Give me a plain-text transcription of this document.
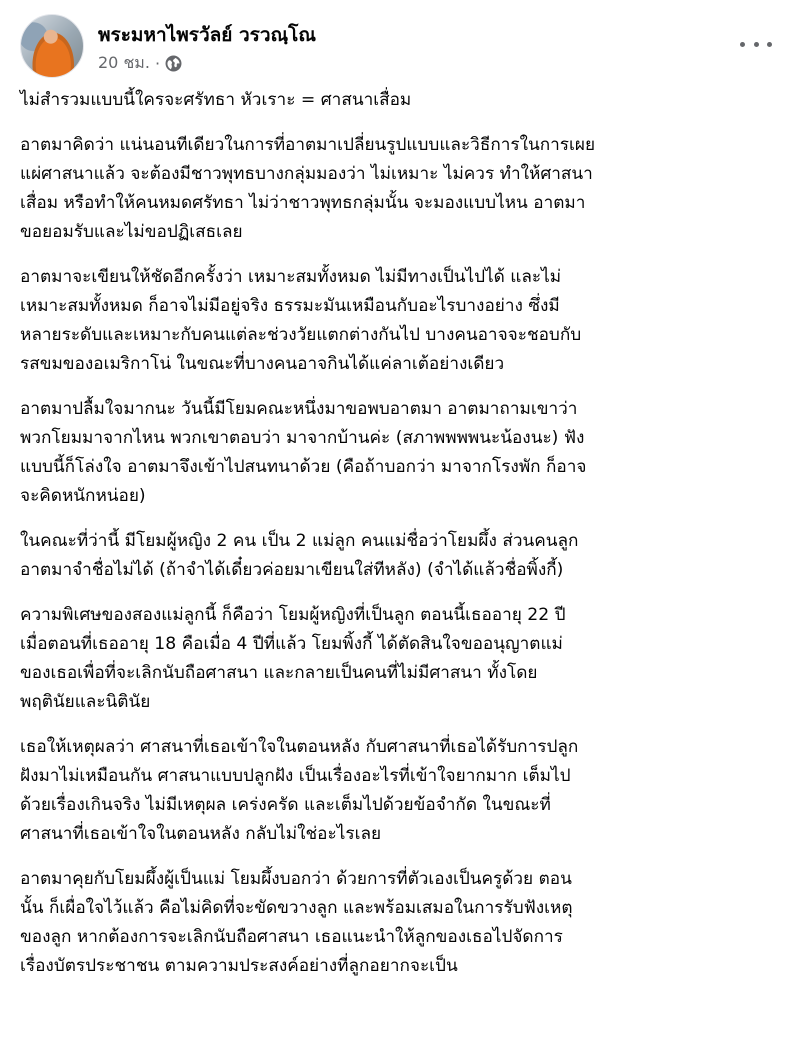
พระมหาไพรวัลย์ วรวณฺโณ
20 ชม. ·

ไม่สำรวมแบบนี้ใครจะศรัทธา หัวเราะ = ศาสนาเสื่อม

อาตมาคิดว่า แน่นอนทีเดียวในการที่อาตมาเปลี่ยนรูปแบบและวิธีการในการเผย
แผ่ศาสนาแล้ว จะต้องมีชาวพุทธบางกลุ่มมองว่า ไม่เหมาะ ไม่ควร ทำให้ศาสนา
เสื่อม หรือทำให้คนหมดศรัทธา ไม่ว่าชาวพุทธกลุ่มนั้น จะมองแบบไหน อาตมา
ขอยอมรับและไม่ขอปฏิเสธเลย

อาตมาจะเขียนให้ชัดอีกครั้งว่า เหมาะสมทั้งหมด ไม่มีทางเป็นไปได้ และไม่
เหมาะสมทั้งหมด ก็อาจไม่มีอยู่จริง ธรรมะมันเหมือนกับอะไรบางอย่าง ซึ่งมี
หลายระดับและเหมาะกับคนแต่ละช่วงวัยแตกต่างกันไป บางคนอาจจะชอบกับ
รสขมของอเมริกาโน่ ในขณะที่บางคนอาจกินได้แค่ลาเต้อย่างเดียว

อาตมาปลื้มใจมากนะ วันนี้มีโยมคณะหนึ่งมาขอพบอาตมา อาตมาถามเขาว่า
พวกโยมมาจากไหน พวกเขาตอบว่า มาจากบ้านค่ะ (สภาพพพพนะน้องนะ) ฟัง
แบบนี้ก็โล่งใจ อาตมาจึงเข้าไปสนทนาด้วย (คือถ้าบอกว่า มาจากโรงพัก ก็อาจ
จะคิดหนักหน่อย)

ในคณะที่ว่านี้ มีโยมผู้หญิง 2 คน เป็น 2 แม่ลูก คนแม่ชื่อว่าโยมผึ้ง ส่วนคนลูก
อาตมาจำชื่อไม่ได้ (ถ้าจำได้เดี๋ยวค่อยมาเขียนใส่ทีหลัง) (จำได้แล้วชื่อพิ้งกี้)

ความพิเศษของสองแม่ลูกนี้ ก็คือว่า โยมผู้หญิงที่เป็นลูก ตอนนี้เธออายุ 22 ปี
เมื่อตอนที่เธออายุ 18 คือเมื่อ 4 ปีที่แล้ว โยมพิ้งกี้ ได้ตัดสินใจขออนุญาตแม่
ของเธอเพื่อที่จะเลิกนับถือศาสนา และกลายเป็นคนที่ไม่มีศาสนา ทั้งโดย
พฤตินัยและนิตินัย

เธอให้เหตุผลว่า ศาสนาที่เธอเข้าใจในตอนหลัง กับศาสนาที่เธอได้รับการปลูก
ฝังมาไม่เหมือนกัน ศาสนาแบบปลูกฝัง เป็นเรื่องอะไรที่เข้าใจยากมาก เต็มไป
ด้วยเรื่องเกินจริง ไม่มีเหตุผล เคร่งครัด และเต็มไปด้วยข้อจำกัด ในขณะที่
ศาสนาที่เธอเข้าใจในตอนหลัง กลับไม่ใช่อะไรเลย

อาตมาคุยกับโยมผึ้งผู้เป็นแม่ โยมผึ้งบอกว่า ด้วยการที่ตัวเองเป็นครูด้วย ตอน
นั้น ก็เผื่อใจไว้แล้ว คือไม่คิดที่จะขัดขวางลูก และพร้อมเสมอในการรับฟังเหตุ
ของลูก หากต้องการจะเลิกนับถือศาสนา เธอแนะนำให้ลูกของเธอไปจัดการ
เรื่องบัตรประชาชน ตามความประสงค์อย่างที่ลูกอยากจะเป็น
